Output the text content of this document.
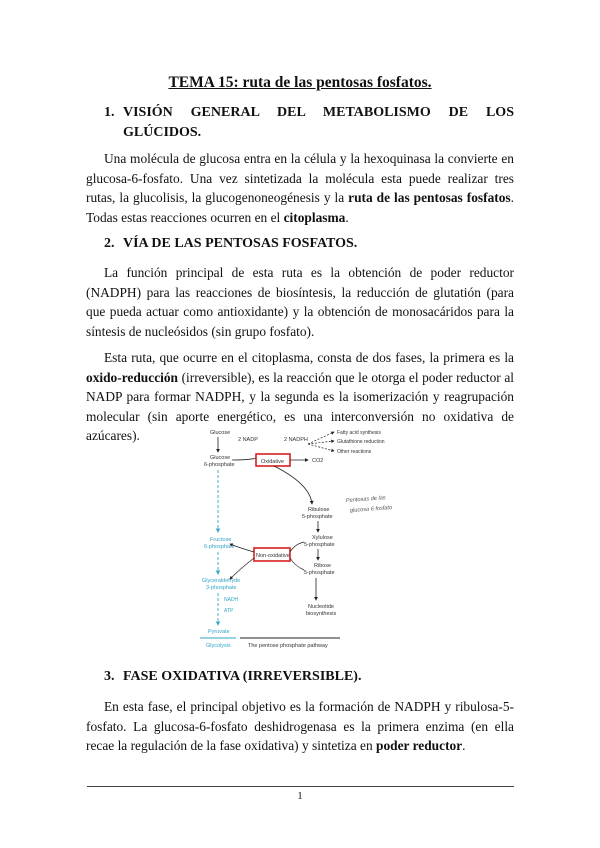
TEMA 15: ruta de las pentosas fosfatos.
1. VISIÓN GENERAL DEL METABOLISMO DE LOS
GLÚCIDOS.

Una molécula de glucosa entra en la célula y la hexoquinasa la convierte en glucosa-6-fosfato. Una vez sintetizada la molécula esta puede realizar tres rutas, la glucolisis, la glucogenoneogénesis y la ruta de las pentosas fosfatos. Todas estas reacciones ocurren en el citoplasma.

2. VÍA DE LAS PENTOSAS FOSFATOS.

La función principal de esta ruta es la obtención de poder reductor (NADPH) para las reacciones de biosíntesis, la reducción de glutatión (para que pueda actuar como antioxidante) y la obtención de monosacáridos para la síntesis de nucleósidos (sin grupo fosfato).

Esta ruta, que ocurre en el citoplasma, consta de dos fases, la primera es la oxido-reducción (irreversible), es la reacción que le otorga el poder reductor al NADP para formar NADPH, y la segunda es la isomerización y reagrupación molecular (sin aporte energético, es una interconversión no oxidativa de azúcares).	Glucose
Glucose
6-phosphate
Fructose
6-phosphate
Glyceraldehyde
3-phosphate
NADH
ATP
Pyruvate
2 NADP	2 NADPH
Oxidative	CO2
Fatty acid synthesis
Glutathione reduction
Other reactions
Ribulose
5-phosphate
Xylulose
5-phosphate
Ribose
5-phosphate
Nucleotide
biosynthesis
Non-oxidative
Pentosas de las
glucosa 6 fosfato
Glycolysis	The pentose phosphate pathway
3. FASE OXIDATIVA (IRREVERSIBLE).

En esta fase, el principal objetivo es la formación de NADPH y ribulosa-5-fosfato. La glucosa-6-fosfato deshidrogenasa es la primera enzima (en ella recae la regulación de la fase oxidativa) y sintetiza en poder reductor.

1
